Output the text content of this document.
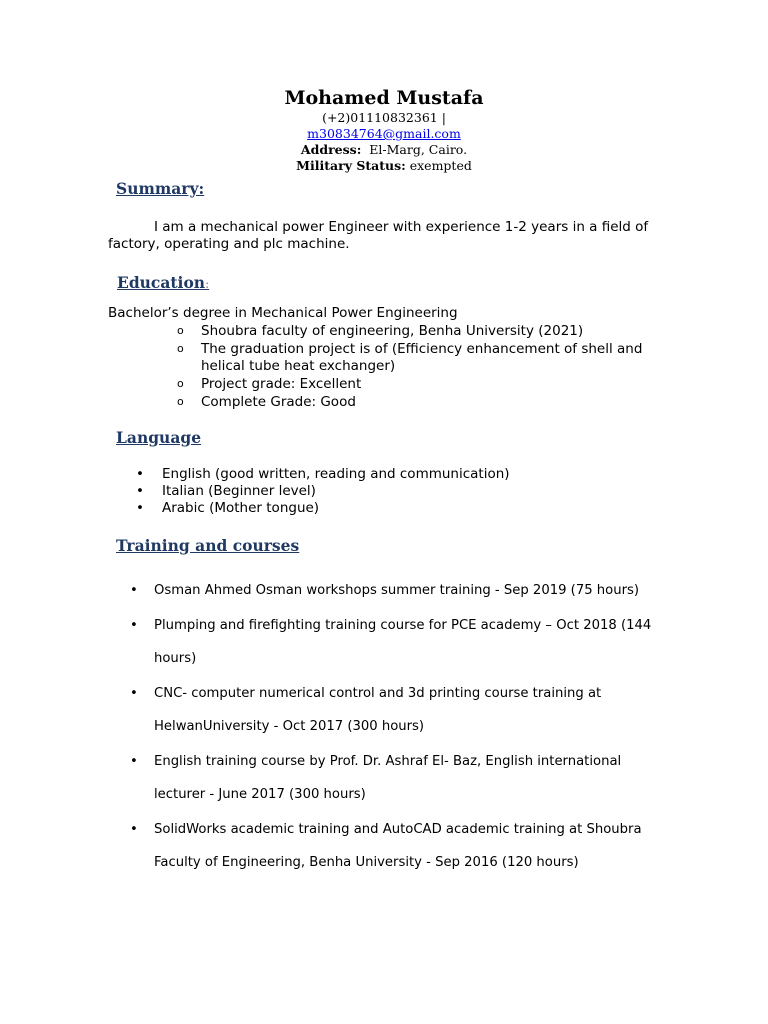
Mohamed Mustafa

(+2)01110832361 |

m30834764@gmail.com

Address: El-Marg, Cairo.

Military Status: exempted

Summary:

I am a mechanical power Engineer with experience 1-2 years in a field of factory, operating and plc machine.

Education:

Bachelor’s degree in Mechanical Power Engineering

o Shoubra faculty of engineering, Benha University (2021)
o The graduation project is of (Efficiency enhancement of shell and helical tube heat exchanger)
o Project grade: Excellent
o Complete Grade: Good
Language
• English (good written, reading and communication)
• Italian (Beginner level)
• Arabic (Mother tongue)
Training and courses
• Osman Ahmed Osman workshops summer training - Sep 2019 (75 hours)
• Plumping and firefighting training course for PCE academy – Oct 2018 (144 hours)
• CNC- computer numerical control and 3d printing course training at HelwanUniversity - Oct 2017 (300 hours)
• English training course by Prof. Dr. Ashraf El- Baz, English international lecturer - June 2017 (300 hours)
• SolidWorks academic training and AutoCAD academic training at Shoubra Faculty of Engineering, Benha University - Sep 2016 (120 hours)
